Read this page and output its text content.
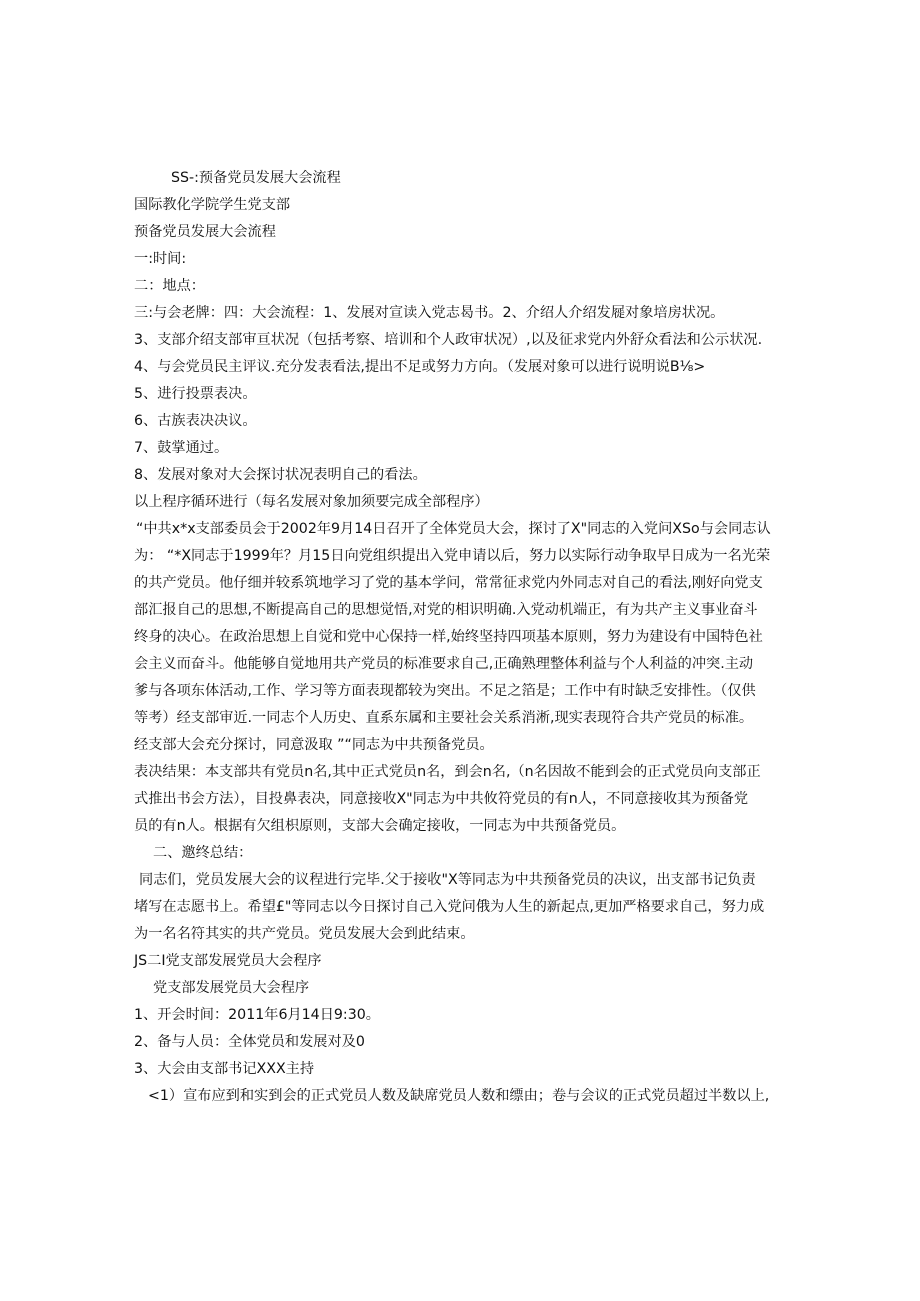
SS-:预备党员发展大会流程
国际教化学院学生党支部
预备党员发展大会流程
一:时间:
二：地点：
三:与会老牌：四：大会流程：1、发展对宣读入党志曷书。2、介绍人介绍发屣对象培房状况。
3、支部介绍支部审亘状况（包括考察、培训和个人政审状况）,以及征求党内外舒众看法和公示状况.
4、与会党员民主评议.充分发表看法,提出不足或努力方向。（发展对象可以进行说明说B⅛>
5、进行投票表决。
6、古族表决决议。
7、鼓掌通过。
8、发展对象对大会探讨状况表明自己的看法。
以上程序循环进行（每名发展对象加须要完成全部程序）
“中共x*x支部委员会于2002年9月14日召开了全体党员大会，探讨了X"同志的入党问XSo与会同志认
为： “*X同志于1999年？月15日向党组织提出入党申请以后，努力以实际行动争取早日成为一名光荣
的共产党员。他仔细并较系筑地学习了党的基本学问，常常征求党内外同志对自己的看法,刚好向党支
部汇报自己的思想,不断提高自己的思想觉悟,对党的相识明确.入党动机端正，有为共产主义事业奋斗
终身的决心。在政治思想上自觉和党中心保持一样,始终坚持四项基本原则，努力为建设有中国特色社
会主义而奋斗。他能够自觉地用共产党员的标准要求自己,正确熟理整体利益与个人利益的冲突.主动
爹与各项东体活动,工作、学习等方面表现都较为突出。不足之箔是；工作中有时缺乏安排性。（仅供
等考）经支部审近.一同志个人历史、直系东属和主要社会关系消淅,现实表现符合共产党员的标准。
经支部大会充分探讨，同意汲取 ”“同志为中共预备党员。
表决结果：本支部共有党员n名,其中正式党员n名，到会n名,（n名因故不能到会的正式党员向支部正
式推出书会方法），目投鼻表决，同意接收X"同志为中共攸符党员的有n人，不同意接收其为预备党
员的有n人。根据有欠组枳原则，支部大会确定接收，一同志为中共预备党员。
二、邀终总结：
同志们，党员发展大会的议程进行完毕.父于接收"X等同志为中共预备党员的决议，出支部书记负责
堵写在志愿书上。希望£"等同志以今日探讨自己入党问俄为人生的新起点,更加严格要求自己，努力成
为一名名符其实的共产党员。党员发展大会到此结束。
JS二I党支部发展党员大会程序
党支部发展党员大会程序
1、开会时间：2011年6月14日9:30。
2、备与人员：全体党员和发展对及0
3、大会由支部书记XXX主持
<1）宣布应到和实到会的正式党员人数及缺席党员人数和缥由；卷与会议的正式党员超过半数以上,
